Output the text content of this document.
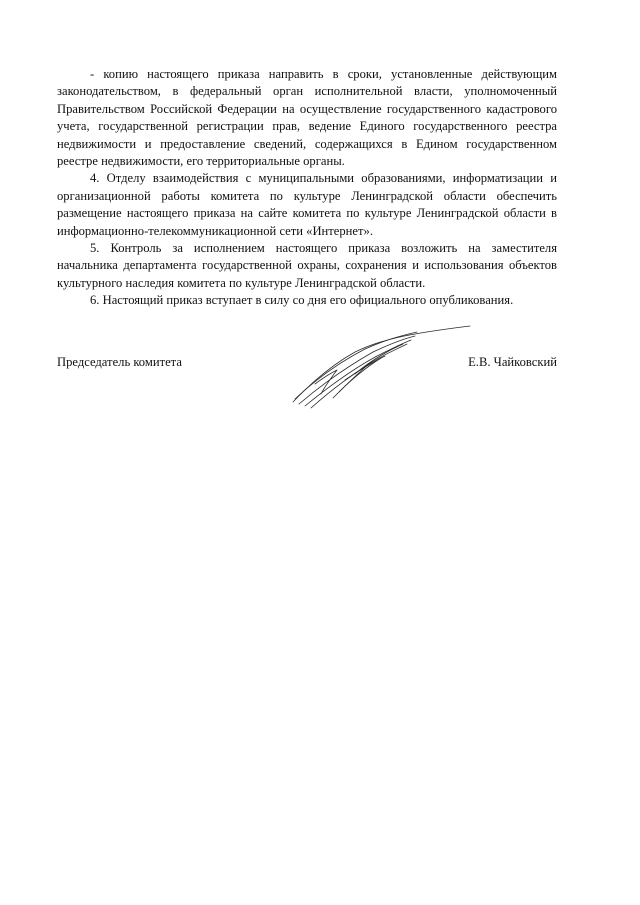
- копию настоящего приказа направить в сроки, установленные действующим законодательством, в федеральный орган исполнительной власти, уполномоченный Правительством Российской Федерации на осуществление государственного кадастрового учета, государственной регистрации прав, ведение Единого государственного реестра недвижимости и предоставление сведений, содержащихся в Едином государственном реестре недвижимости, его территориальные органы.

4. Отделу взаимодействия с муниципальными образованиями, информатизации и организационной работы комитета по культуре Ленинградской области обеспечить размещение настоящего приказа на сайте комитета по культуре Ленинградской области в информационно-телекоммуникационной сети «Интернет».

5. Контроль за исполнением настоящего приказа возложить на заместителя начальника департамента государственной охраны, сохранения и использования объектов культурного наследия комитета по культуре Ленинградской области.

6. Настоящий приказ вступает в силу со дня его официального опубликования.

Председатель комитета	Е.В. Чайковский
